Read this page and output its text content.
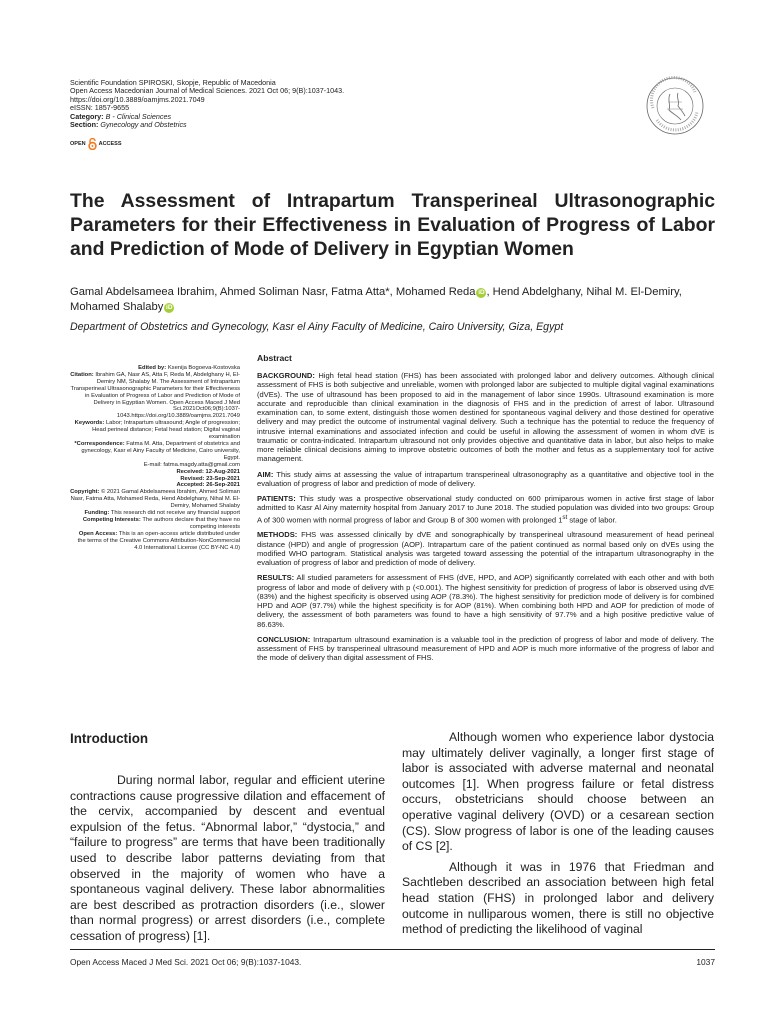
Scientific Foundation SPIROSKI, Skopje, Republic of Macedonia
Open Access Macedonian Journal of Medical Sciences. 2021 Oct 06; 9(B):1037-1043.
https://doi.org/10.3889/oamjms.2021.7049
eISSN: 1857-9655
Category: B - Clinical Sciences
Section: Gynecology and Obstetrics
OPEN ACCESS
The Assessment of Intrapartum Transperineal Ultrasonographic Parameters for their Effectiveness in Evaluation of Progress of Labor and Prediction of Mode of Delivery in Egyptian Women
Gamal Abdelsameea Ibrahim, Ahmed Soliman Nasr, Fatma Atta*, Mohamed Reda iD , Hend Abdelghany, Nihal M. El-Demiry,
Mohamed Shalaby iD
Department of Obstetrics and Gynecology, Kasr el Ainy Faculty of Medicine, Cairo University, Giza, Egypt
Edited by: Ksenija Bogoeva-Kostovska
Citation: Ibrahim GA, Nasr AS, Atta F, Reda M, Abdelghany H, El-Demiry NM, Shalaby M. The Assessment of Intrapartum Transperineal Ultrasonographic Parameters for their Effectiveness in Evaluation of Progress of Labor and Prediction of Mode of Delivery in Egyptian Women. Open Access Maced J Med Sci.2021Oct06;9(B):1037-1043.https://doi.org/10.3889/oamjms.2021.7049
Keywords: Labor; Intrapartum ultrasound; Angle of progression; Head perineal distance; Fetal head station; Digital vaginal examination
*Correspondence: Fatma M. Atta, Department of obstetrics and gynecology, Kasr el Ainy Faculty of Medicine, Cairo university, Egypt.
E-mail: fatma.magdy.atta@gmail.com
Received: 12-Aug-2021
Revised: 23-Sep-2021
Accepted: 26-Sep-2021
Copyright: © 2021 Gamal Abdelsameea Ibrahim, Ahmed Soliman Nasr, Fatma Atta, Mohamed Reda, Hend Abdelghany, Nihal M. El-Demiry, Mohamed Shalaby
Funding: This research did not receive any financial support
Competing Interests: The authors declare that they have no competing interests
Open Access: This is an open-access article distributed under the terms of the Creative Commons Attribution-NonCommercial 4.0 International License (CC BY-NC 4.0)
Abstract

BACKGROUND: High fetal head station (FHS) has been associated with prolonged labor and delivery outcomes. Although clinical assessment of FHS is both subjective and unreliable, women with prolonged labor are subjected to multiple digital vaginal examinations (dVEs). The use of ultrasound has been proposed to aid in the management of labor since 1990s. Ultrasound examination is more accurate and reproducible than clinical examination in the diagnosis of FHS and in the prediction of arrest of labor. Ultrasound examination can, to some extent, distinguish those women destined for spontaneous vaginal delivery and those destined for operative delivery and may predict the outcome of instrumental vaginal delivery. Such a technique has the potential to reduce the frequency of intrusive internal examinations and associated infection and could be useful in allowing the assessment of women in whom dVE is traumatic or contra-indicated. Intrapartum ultrasound not only provides objective and quantitative data in labor, but also helps to make more reliable clinical decisions aiming to improve obstetric outcomes of both the mother and fetus as a supplementary tool for active management.

AIM: This study aims at assessing the value of intrapartum transperineal ultrasonography as a quantitative and objective tool in the evaluation of progress of labor and prediction of mode of delivery.

PATIENTS: This study was a prospective observational study conducted on 600 primiparous women in active first stage of labor admitted to Kasr Al Ainy maternity hospital from January 2017 to June 2018. The studied population was divided into two groups: Group A of 300 women with normal progress of labor and Group B of 300 women with prolonged 1st stage of labor.

METHODS: FHS was assessed clinically by dVE and sonographically by transperineal ultrasound measurement of head perineal distance (HPD) and angle of progression (AOP). Intrapartum care of the patient continued as normal based only on dVEs using the modified WHO partogram. Statistical analysis was targeted toward assessing the potential of the intrapartum ultrasonography in the evaluation of progress of labor and prediction of mode of delivery.

RESULTS: All studied parameters for assessment of FHS (dVE, HPD, and AOP) significantly correlated with each other and with both progress of labor and mode of delivery with p (<0.001). The highest sensitivity for prediction of progress of labor is observed using dVE (83%) and the highest specificity is observed using AOP (78.3%). The highest sensitivity for prediction mode of delivery is for combined HPD and AOP (97.7%) while the highest specificity is for AOP (81%). When combining both HPD and AOP for prediction of mode of delivery, the assessment of both parameters was found to have a high sensitivity of 97.7% and a high positive predictive value of 86.63%.

CONCLUSION: Intrapartum ultrasound examination is a valuable tool in the prediction of progress of labor and mode of delivery. The assessment of FHS by transperineal ultrasound measurement of HPD and AOP is much more informative of the progress of labor and the mode of delivery than digital assessment of FHS.

Introduction

During normal labor, regular and efficient uterine contractions cause progressive dilation and effacement of the cervix, accompanied by descent and eventual expulsion of the fetus. “Abnormal labor,” “dystocia,” and “failure to progress” are terms that have been traditionally used to describe labor patterns deviating from that observed in the majority of women who have a spontaneous vaginal delivery. These labor abnormalities are best described as protraction disorders (i.e., slower than normal progress) or arrest disorders (i.e., complete cessation of progress) [1].

Although women who experience labor dystocia may ultimately deliver vaginally, a longer first stage of labor is associated with adverse maternal and neonatal outcomes [1]. When progress failure or fetal distress occurs, obstetricians should choose between an operative vaginal delivery (OVD) or a cesarean section (CS). Slow progress of labor is one of the leading causes of CS [2].

Although it was in 1976 that Friedman and Sachtleben described an association between high fetal head station (FHS) in prolonged labor and delivery outcome in nulliparous women, there is still no objective method of predicting the likelihood of vaginal

Open Access Maced J Med Sci. 2021 Oct 06; 9(B):1037-1043.	1037
